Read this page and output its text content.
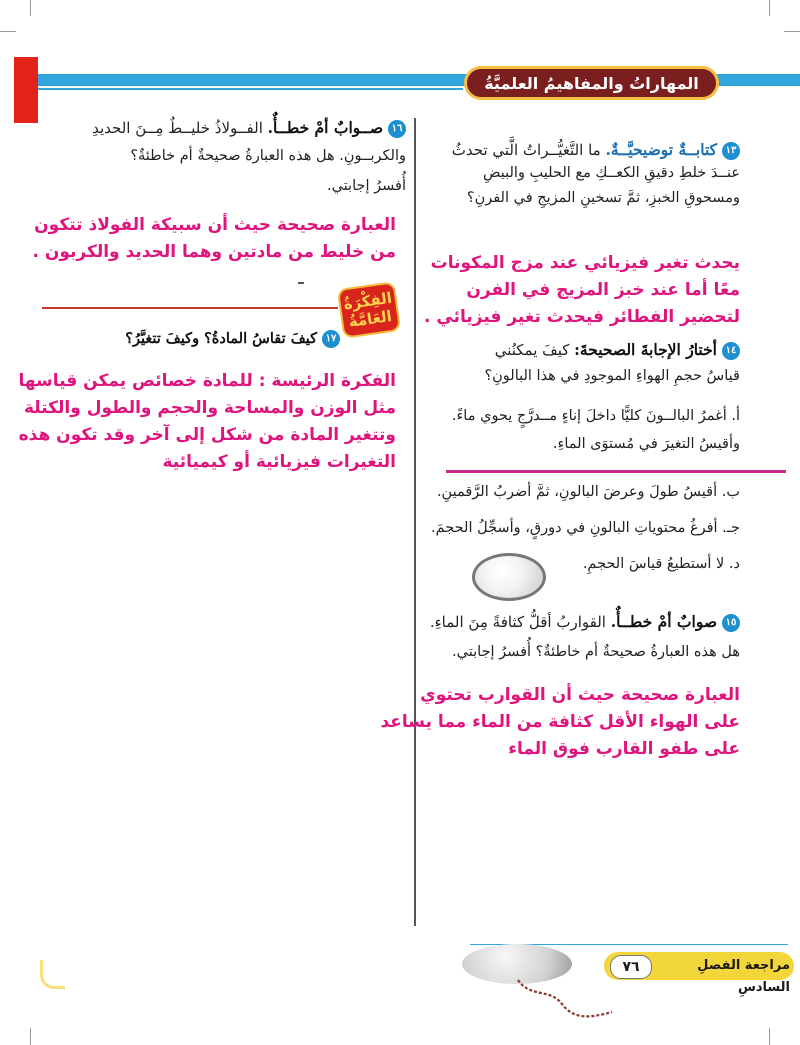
المهاراتُ والمفاهيمُ العلميَّةُ
١٣كتابــةٌ توضيحيَّــةٌ. ما التَّغيُّــراتُ الَّتي تحدثُ
عنــدَ خلطِ دقيقِ الكعــكِ مع الحليبِ والبيضِ
ومسحوقِ الخبزِ، ثمَّ تسخينِ المزيجِ في الفرنِ؟
يحدث تغير فيزيائي عند مزج المكونات
معًا أما عند خبز المزيج في الفرن
لتحضير الفطائر فيحدث تغير فيزيائي .
١٤أختارُ الإجابةَ الصحيحةَ: كيفَ يمكنُني
قياسُ حجمِ الهواءِ الموجودِ في هذا البالونِ؟
أ. أغمرُ البالــونَ كليًّا داخلَ إناءٍ مــدرَّجٍ يحوي ماءً.
وأقيسُ التغيرَ في مُستوَى الماءِ.
ب. أقيسُ طولَ وعرضَ البالونِ، ثمَّ أضربُ الرَّقمينِ.
جـ. أفرغُ محتوياتِ البالونِ في دورقٍ، وأسجِّلُ الحجمَ.
د. لا أستطيعُ قياسَ الحجمِ.
١٥صوابٌ أمْ خطــأٌ. القواربُ أقلُّ كثافةً مِنَ الماءِ.
هل هذه العبارةُ صحيحةٌ أم خاطئةٌ؟ أُفسرُ إجابتي.
العبارة صحيحة حيث أن القوارب تحتوي
على الهواء الأقل كثافة من الماء مما يساعد
على طفو القارب فوق الماء
١٦صــوابٌ أمْ خطــأٌ. الفــولاذُ خليــطٌ مِــنَ الحديدِ
والكربــونِ. هل هذه العبارةُ صحيحةٌ أم خاطئةٌ؟
أُفسرُ إجابتي.
العبارة صحيحة حيث أن سبيكة الفولاذ تتكون
من خليط من مادتين وهما الحديد والكربون .
الفِكْرَةُ العَامَّةُ
١٧كيفَ تقاسُ المادةُ؟ وكيفَ تتغيَّرُ؟
الفكرة الرئيسة : للمادة خصائص يمكن قياسها
مثل الوزن والمساحة والحجم والطول والكتلة
وتتغير المادة من شكل إلى آخر وقد تكون هذه
التغيرات فيزيائية أو كيميائية
٧٦	مراجعة الفصلِ السادسِ
